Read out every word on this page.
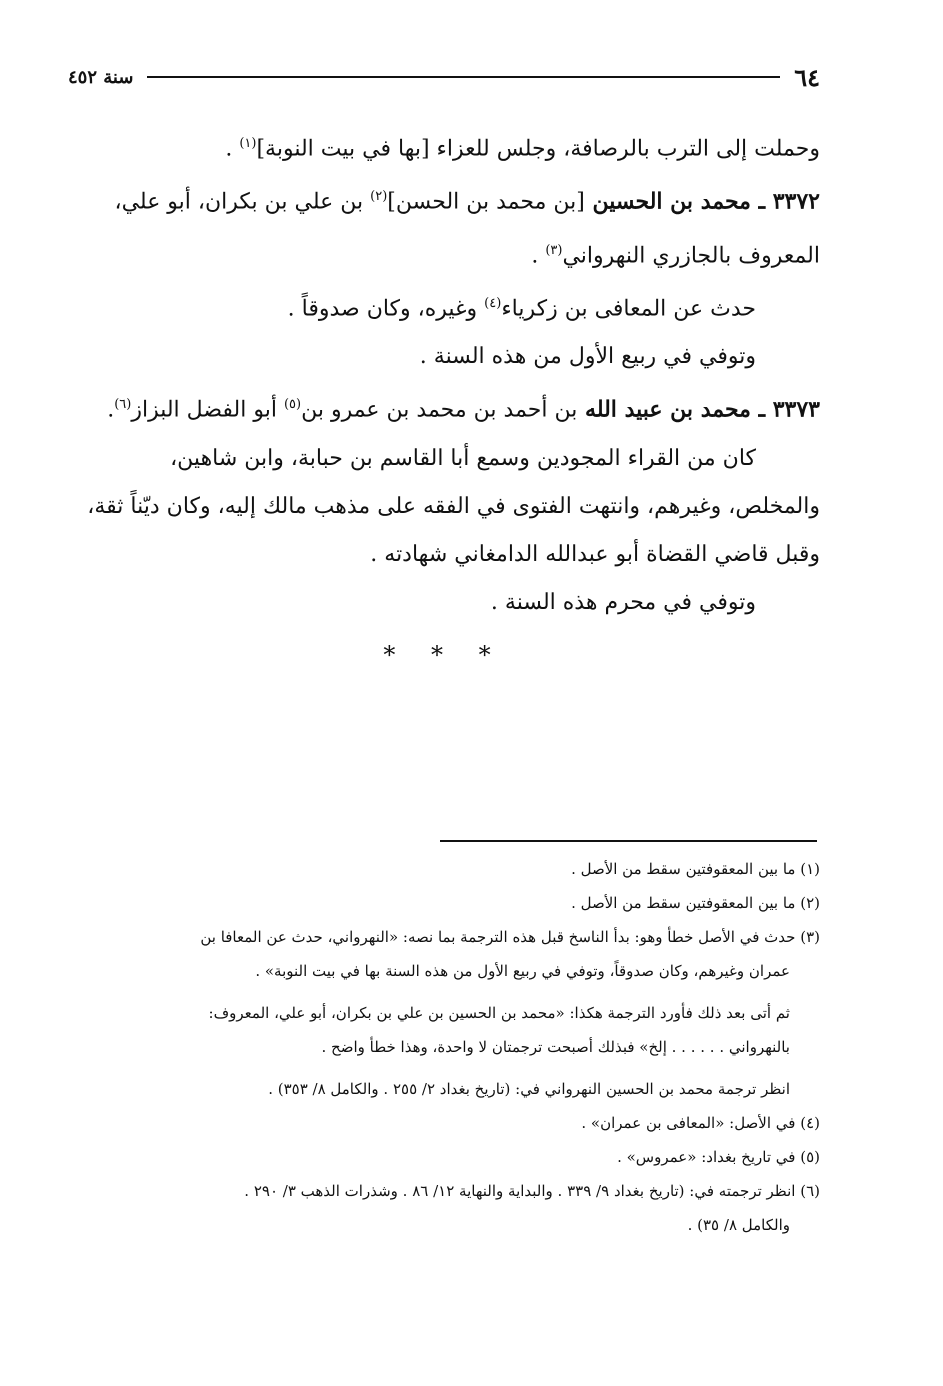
٦٤
سنة ٤٥٢

وحملت إلى الترب بالرصافة، وجلس للعزاء [بها في بيت النوبة]$^{(١)}$ .

٣٣٧٢ ـ محمد بن الحسين [بن محمد بن الحسن]$^{(٢)}$ بن علي بن بكران، أبو علي،

المعروف بالجازري النهرواني$^{(٣)}$ .

حدث عن المعافى بن زكرياء$^{(٤)}$ وغيره، وكان صدوقاً .

وتوفي في ربيع الأول من هذه السنة .

٣٣٧٣ ـ محمد بن عبيد الله بن أحمد بن محمد بن عمرو بن$^{(٥)}$ أبو الفضل البزاز$^{(٦)}$.

كان من القراء المجودين وسمع أبا القاسم بن حبابة، وابن شاهين،

والمخلص، وغيرهم، وانتهت الفتوى في الفقه على مذهب مالك إليه، وكان ديّناً ثقة،

وقبل قاضي القضاة أبو عبدالله الدامغاني شهادته .

وتوفي في محرم هذه السنة .

* * *

(١) ما بين المعقوفتين سقط من الأصل .

(٢) ما بين المعقوفتين سقط من الأصل .

(٣) حدث في الأصل خطأ وهو: بدأ الناسخ قبل هذه الترجمة بما نصه: «النهرواني، حدث عن المعافا بن

عمران وغيرهم، وكان صدوقاً، وتوفي في ربيع الأول من هذه السنة بها في بيت النوبة» .

ثم أتى بعد ذلك فأورد الترجمة هكذا: «محمد بن الحسين بن علي بن بكران، أبو علي، المعروف:

بالنهرواني . . . . . . إلخ» فبذلك أصبحت ترجمتان لا واحدة، وهذا خطأ واضح .

انظر ترجمة محمد بن الحسين النهرواني في: (تاريخ بغداد ٢/ ٢٥٥ . والكامل ٨/ ٣٥٣) .

(٤) في الأصل: «المعافى بن عمران» .

(٥) في تاريخ بغداد: «عمروس» .

(٦) انظر ترجمته في: (تاريخ بغداد ٩/ ٣٣٩ . والبداية والنهاية ١٢/ ٨٦ . وشذرات الذهب ٣/ ٢٩٠ .

والكامل ٨/ ٣٥) .
